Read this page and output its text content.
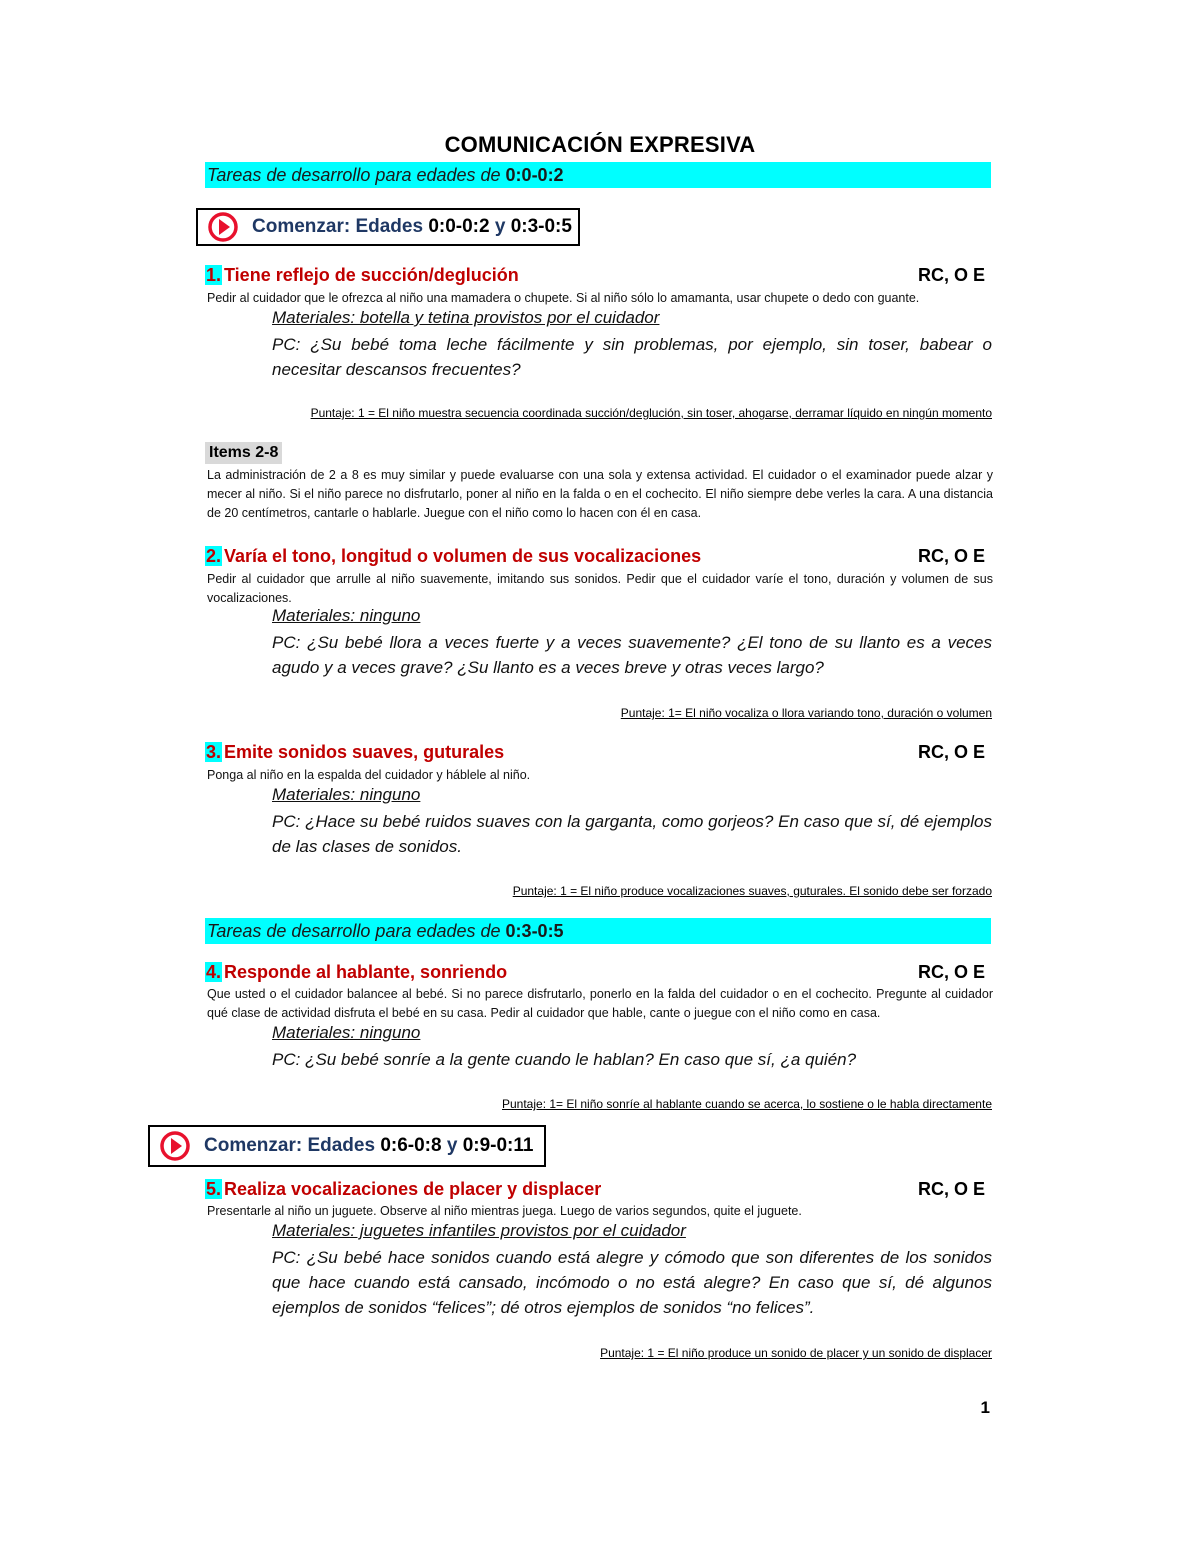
COMUNICACIÓN EXPRESIVA
Tareas de desarrollo para edades de 0:0-0:2
Comenzar: Edades 0:0-0:2 y 0:3-0:5
1. Tiene reflejo de succión/deglución	RC, O E
Pedir al cuidador que le ofrezca al niño una mamadera o chupete. Si al niño sólo lo amamanta, usar chupete o dedo con guante.
Materiales: botella y tetina provistos por el cuidador
PC: ¿Su bebé toma leche fácilmente y sin problemas, por ejemplo, sin toser, babear o necesitar descansos frecuentes?
Puntaje: 1 = El niño muestra secuencia coordinada succión/deglución, sin toser, ahogarse, derramar líquido en ningún momento
Items 2-8
La administración de 2 a 8 es muy similar y puede evaluarse con una sola y extensa actividad. El cuidador o el examinador puede alzar y mecer al niño. Si el niño parece no disfrutarlo, poner al niño en la falda o en el cochecito. El niño siempre debe verles la cara. A una distancia de 20 centímetros, cantarle o hablarle. Juegue con el niño como lo hacen con él en casa.
2. Varía el tono, longitud o volumen de sus vocalizaciones	RC, O E
Pedir al cuidador que arrulle al niño suavemente, imitando sus sonidos. Pedir que el cuidador varíe el tono, duración y volumen de sus vocalizaciones.
Materiales: ninguno
PC: ¿Su bebé llora a veces fuerte y a veces suavemente? ¿El tono de su llanto es a veces agudo y a veces grave? ¿Su llanto es a veces breve y otras veces largo?
Puntaje: 1= El niño vocaliza o llora variando tono, duración o volumen
3. Emite sonidos suaves, guturales	RC, O E
Ponga al niño en la espalda del cuidador y háblele al niño.
Materiales: ninguno
PC: ¿Hace su bebé ruidos suaves con la garganta, como gorjeos? En caso que sí, dé ejemplos de las clases de sonidos.
Puntaje: 1 = El niño produce vocalizaciones suaves, guturales. El sonido debe ser forzado
Tareas de desarrollo para edades de 0:3-0:5
4. Responde al hablante, sonriendo	RC, O E
Que usted o el cuidador balancee al bebé. Si no parece disfrutarlo, ponerlo en la falda del cuidador o en el cochecito. Pregunte al cuidador qué clase de actividad disfruta el bebé en su casa. Pedir al cuidador que hable, cante o juegue con el niño como en casa.
Materiales: ninguno
PC: ¿Su bebé sonríe a la gente cuando le hablan? En caso que sí, ¿a quién?
Puntaje: 1= El niño sonríe al hablante cuando se acerca, lo sostiene o le habla directamente
Comenzar: Edades 0:6-0:8 y 0:9-0:11
5. Realiza vocalizaciones de placer y displacer	RC, O E
Presentarle al niño un juguete. Observe al niño mientras juega. Luego de varios segundos, quite el juguete.
Materiales: juguetes infantiles provistos por el cuidador
PC: ¿Su bebé hace sonidos cuando está alegre y cómodo que son diferentes de los sonidos que hace cuando está cansado, incómodo o no está alegre? En caso que sí, dé algunos ejemplos de sonidos “felices”; dé otros ejemplos de sonidos “no felices”.
Puntaje: 1 = El niño produce un sonido de placer y un sonido de displacer
1
